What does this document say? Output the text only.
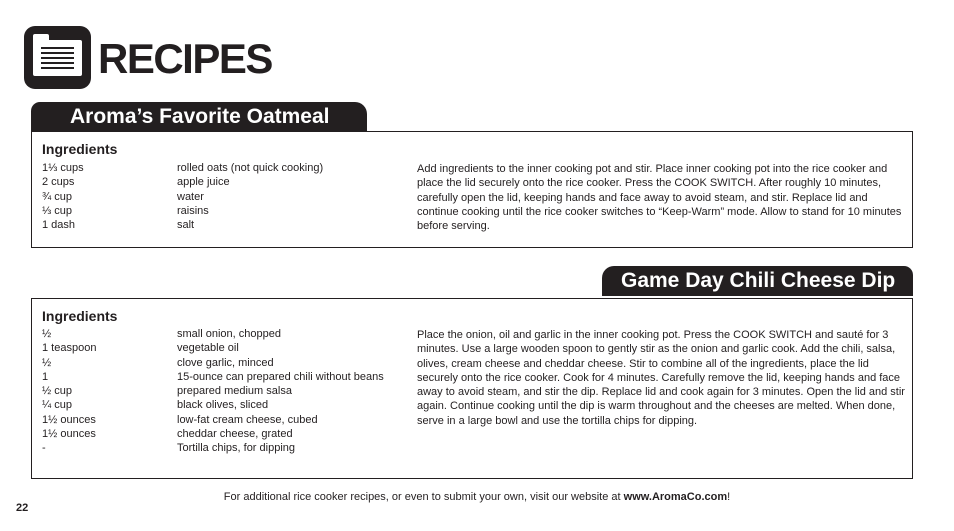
RECIPES
Aroma’s Favorite Oatmeal
Ingredients
1⅓ cups	rolled oats (not quick cooking)
2 cups	apple juice
¾ cup	water
⅓ cup	raisins
1 dash	salt

Add ingredients to the inner cooking pot and stir. Place inner cooking pot into the rice cooker and place the lid securely onto the rice cooker. Press the COOK SWITCH. After roughly 10 minutes, carefully open the lid, keeping hands and face away to avoid steam, and stir. Replace lid and continue cooking until the rice cooker switches to “Keep-Warm” mode. Allow to stand for 10 minutes before serving.

Game Day Chili Cheese Dip
Ingredients
½	small onion, chopped
1 teaspoon	vegetable oil
½	clove garlic, minced
1	15-ounce can prepared chili without beans
½ cup	prepared medium salsa
¼ cup	black olives, sliced
1½ ounces	low-fat cream cheese, cubed
1½ ounces	cheddar cheese, grated
-	Tortilla chips, for dipping

Place the onion, oil and garlic in the inner cooking pot. Press the COOK SWITCH and sauté for 3 minutes. Use a large wooden spoon to gently stir as the onion and garlic cook. Add the chili, salsa, olives, cream cheese and cheddar cheese. Stir to combine all of the ingredients, place the lid securely onto the rice cooker. Cook for 4 minutes. Carefully remove the lid, keeping hands and face away to avoid steam, and stir the dip. Replace lid and cook again for 3 minutes. Open the lid and stir again. Continue cooking until the dip is warm throughout and the cheeses are melted. When done, serve in a large bowl and use the tortilla chips for dipping.

For additional rice cooker recipes, or even to submit your own, visit our website at www.AromaCo.com!
22
